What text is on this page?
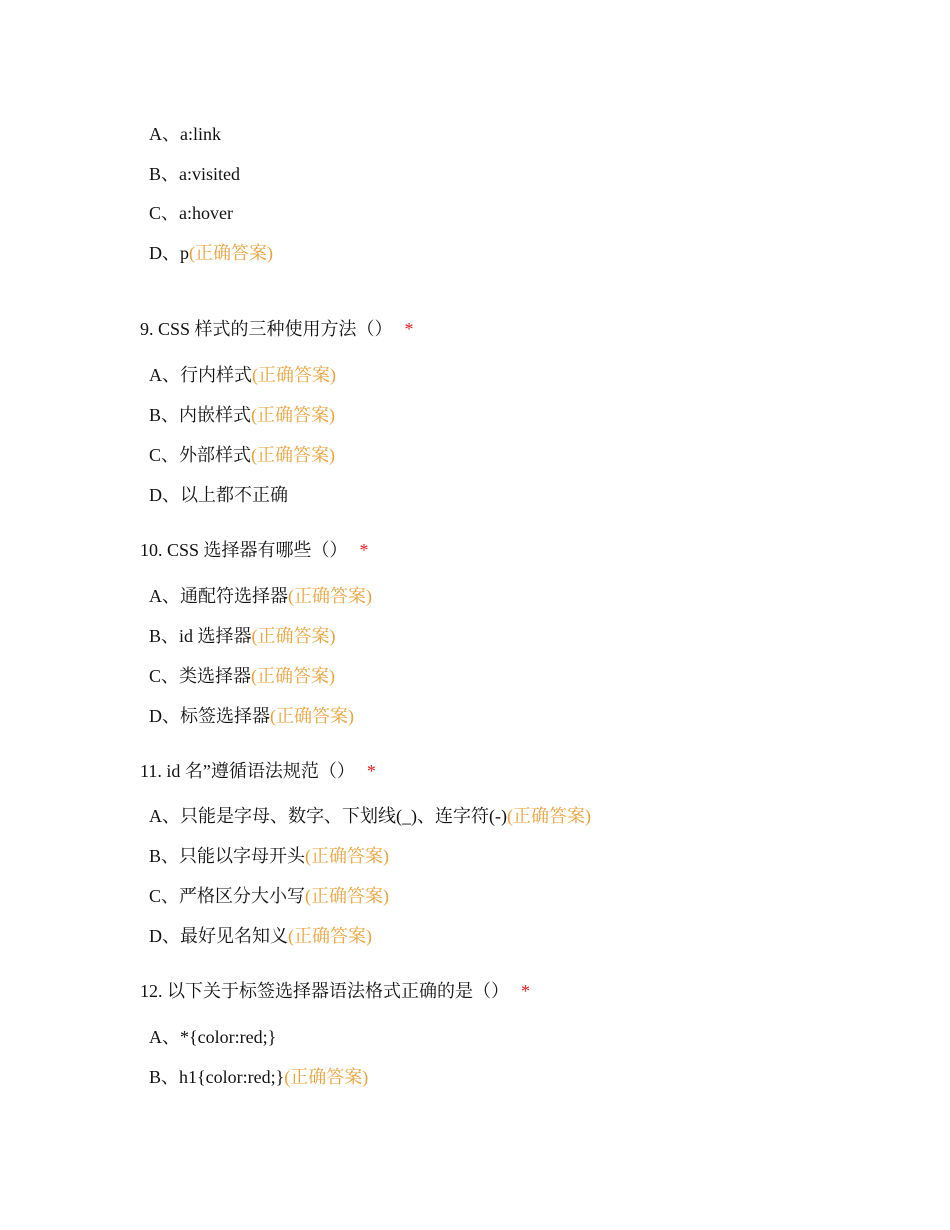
A、a:link
B、a:visited
C、a:hover
D、p(正确答案)
9. CSS 样式的三种使用方法（） *
A、行内样式(正确答案)
B、内嵌样式(正确答案)
C、外部样式(正确答案)
D、以上都不正确
10. CSS 选择器有哪些（） *
A、通配符选择器(正确答案)
B、id 选择器(正确答案)
C、类选择器(正确答案)
D、标签选择器(正确答案)
11. id 名”遵循语法规范（） *
A、只能是字母、数字、下划线(_)、连字符(-)(正确答案)
B、只能以字母开头(正确答案)
C、严格区分大小写(正确答案)
D、最好见名知义(正确答案)
12. 以下关于标签选择器语法格式正确的是（） *
A、*{color:red;}
B、h1{color:red;}(正确答案)
